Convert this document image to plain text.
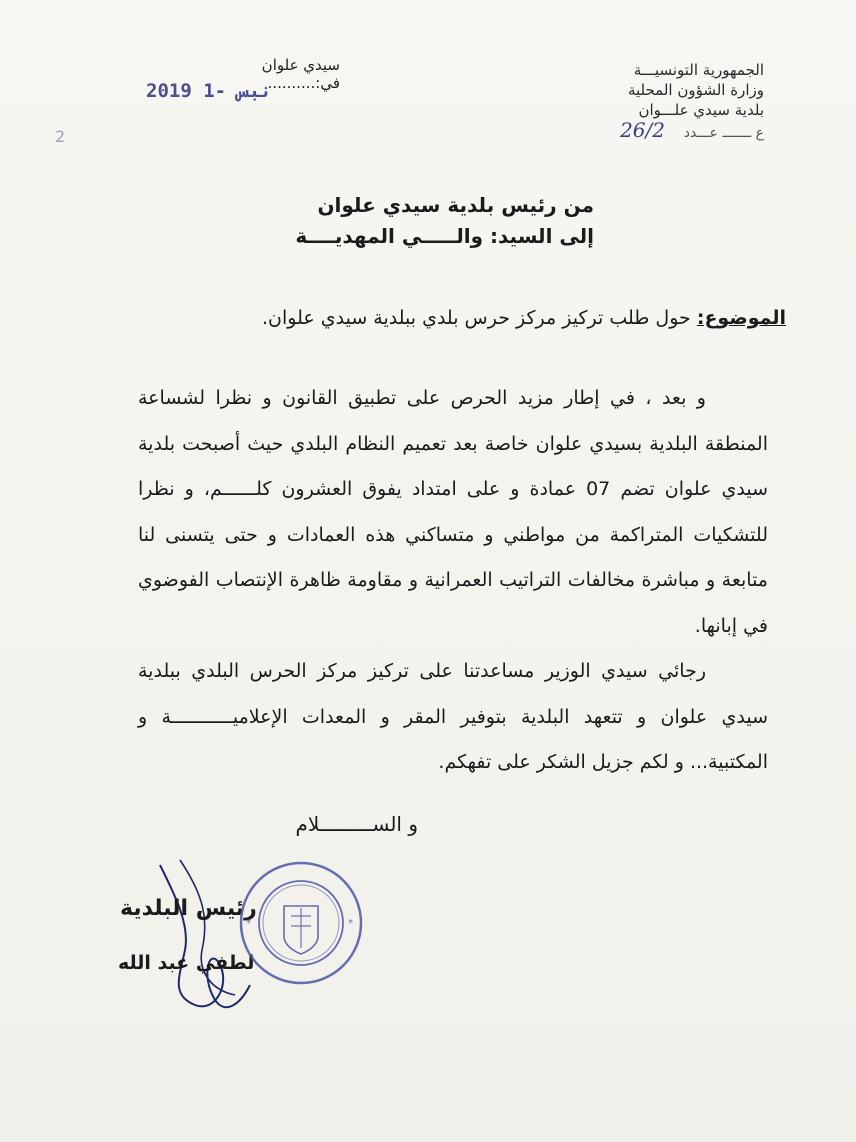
الجمهورية التونسيـــة
وزارة الشؤون المحلية
بلدية سيدي علـــوان
ع ـــــــ عـــدد 26/2
سيدي علوان في:..........
2019 نبس -1
2
من رئيس بلدية سيدي علوان
إلى السيد: والـــــي المهديــــة
الموضوع: حول طلب تركيز مركز حرس بلدي ببلدية سيدي علوان.

و بعد ، في إطار مزيد الحرص على تطبيق القانون و نظرا لشساعة المنطقة البلدية بسيدي علوان خاصة بعد تعميم النظام البلدي حيث أصبحت بلدية سيدي علوان تضم 07 عمادة و على امتداد يفوق العشرون كلــــــم، و نظرا للتشكيات المتراكمة من مواطني و متساكني هذه العمادات و حتى يتسنى لنا متابعة و مباشرة مخالفات التراتيب العمرانية و مقاومة ظاهرة الإنتصاب الفوضوي في إبانها.

رجائي سيدي الوزير مساعدتنا على تركيز مركز الحرس البلدي ببلدية سيدي علوان و تتعهد البلدية بتوفير المقر و المعدات الإعلاميـــــــــــة و المكتبية... و لكم جزيل الشكر على تفهكم.

و الســـــــــلام
رئيس البلدية
لطفي عبد الله
*	*
